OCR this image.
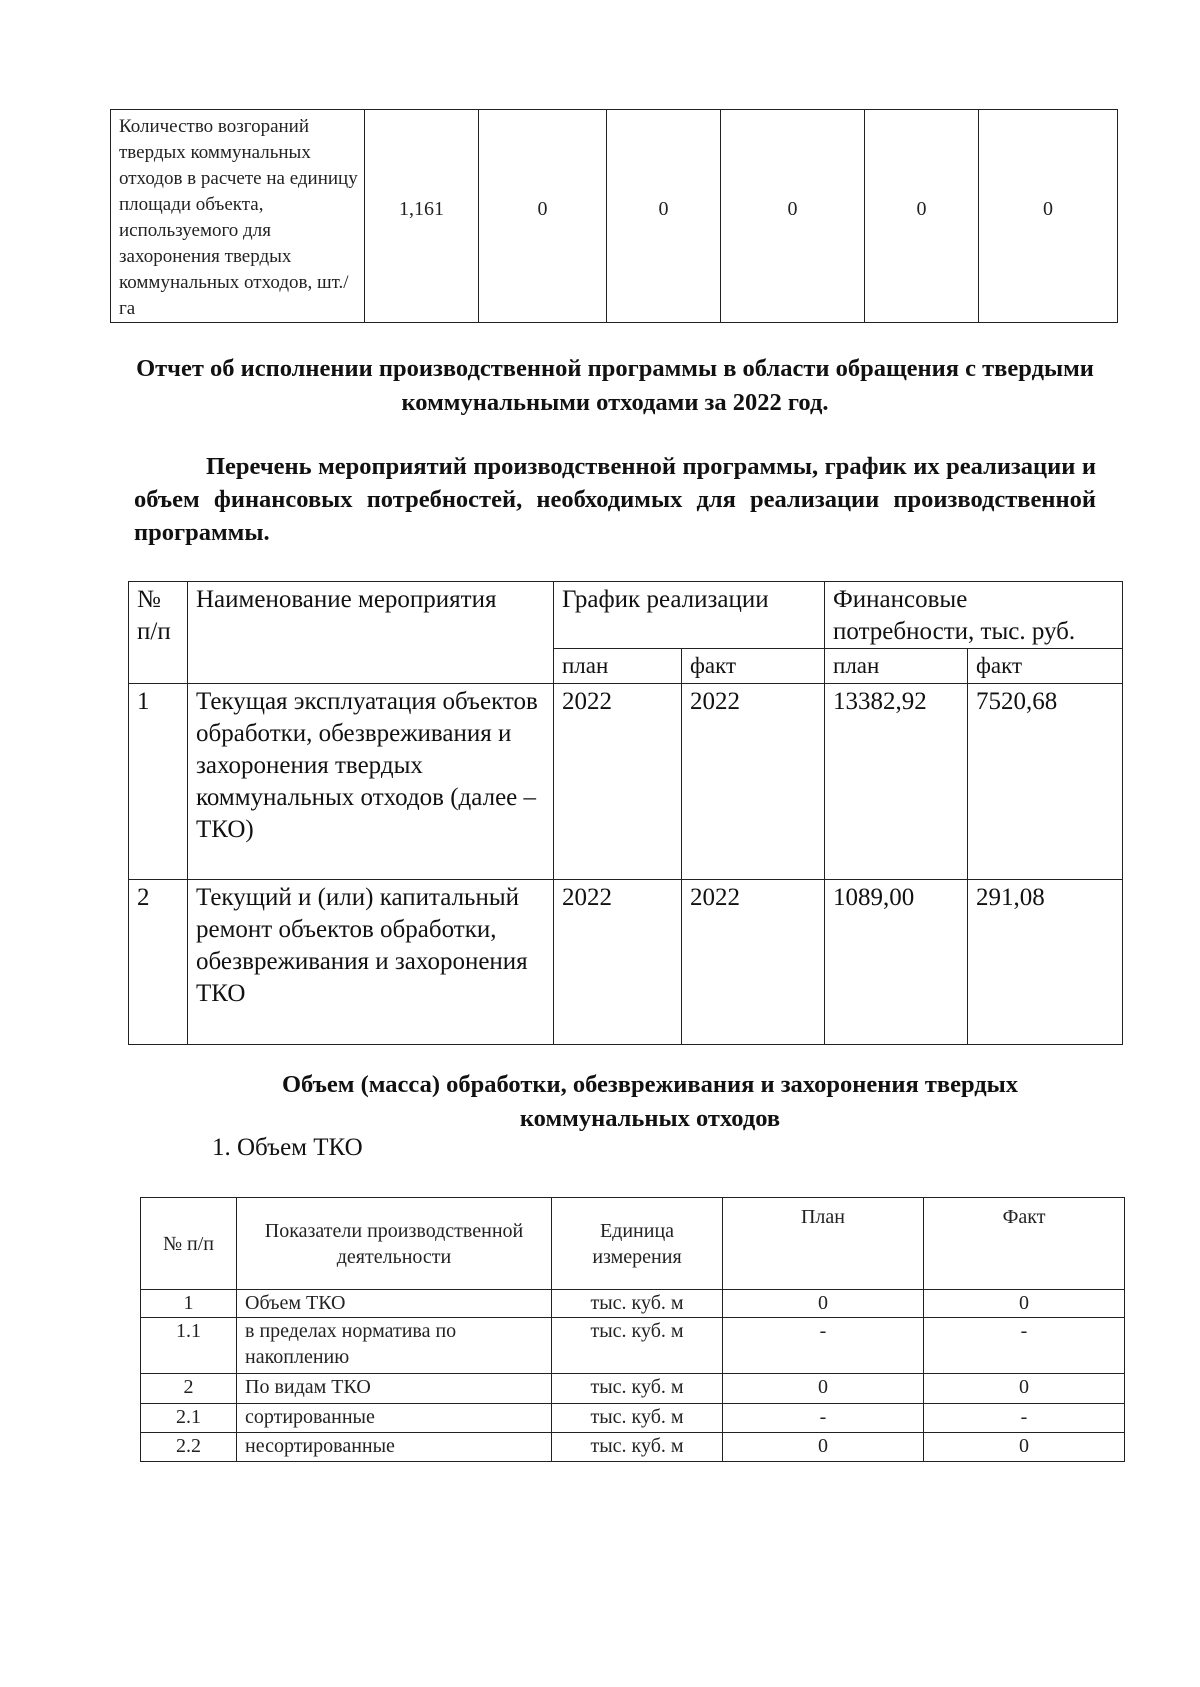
Количество возгораний твердых коммунальных отходов в расчете на единицу площади объекта, используемого для захоронения твердых коммунальных отходов, шт./га	1,161	0	0	0	0	0
Отчет об исполнении производственной программы в области обращения с твердыми коммунальными отходами за 2022 год.
Перечень мероприятий производственной программы, график их реализации и объем финансовых потребностей, необходимых для реализации производственной программы.
№ п/п	Наименование мероприятия	График реализации		Финансовые потребности, тыс. руб.	
		план	факт	план	факт
1	Текущая эксплуатация объектов обработки, обезвреживания и захоронения твердых коммунальных отходов (далее – ТКО)	2022	2022	13382,92	7520,68
2	Текущий и (или) капитальный ремонт объектов обработки, обезвреживания и захоронения ТКО	2022	2022	1089,00	291,08
Объем (масса) обработки, обезвреживания и захоронения твердых коммунальных отходов
1. Объем ТКО
№ п/п	Показатели производственной деятельности	Единица измерения	План	Факт
1	Объем ТКО	тыс. куб. м	0	0
1.1	в пределах норматива по накоплению	тыс. куб. м	-	-
2	По видам ТКО	тыс. куб. м	0	0
2.1	сортированные	тыс. куб. м	-	-
2.2	несортированные	тыс. куб. м	0	0
